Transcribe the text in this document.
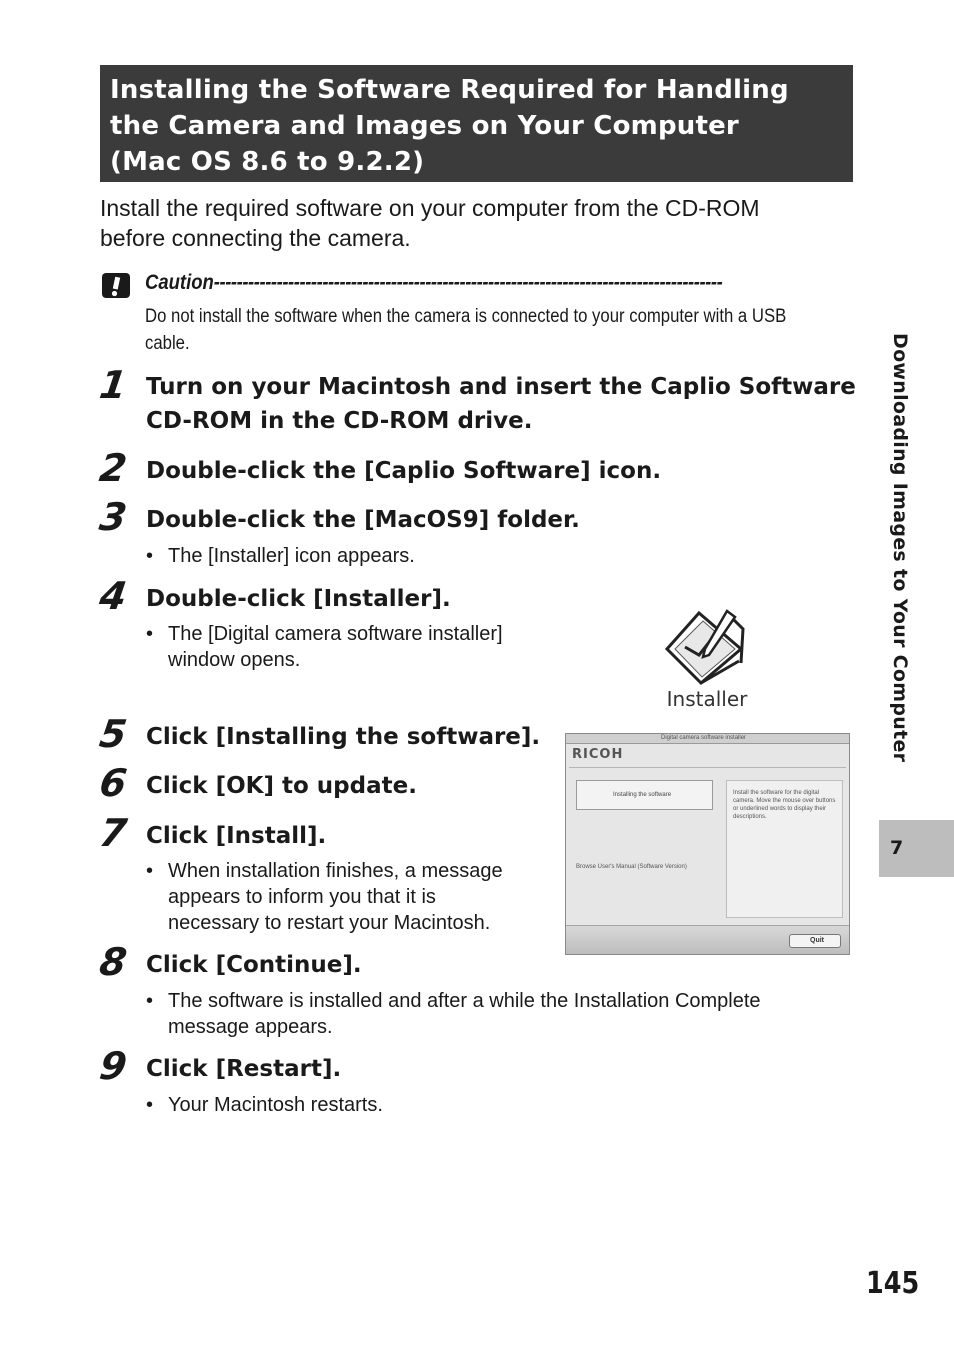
Installing the Software Required for Handling
the Camera and Images on Your Computer
(Mac OS 8.6 to 9.2.2)
Install the required software on your computer from the CD-ROM
before connecting the camera.
Caution-----------------------------------------------------------------------------------------
Do not install the software when the camera is connected to your computer with a USB
cable.
1 Turn on your Macintosh and insert the Caplio Software
CD-ROM in the CD-ROM drive.
2 Double-click the [Caplio Software] icon.
3 Double-click the [MacOS9] folder.
• The [Installer] icon appears.
4 Double-click [Installer].
• The [Digital camera software installer]
window opens.
Installer
5 Click [Installing the software].
6 Click [OK] to update.
7 Click [Install].
• When installation finishes, a message
appears to inform you that it is
necessary to restart your Macintosh.
Digital camera software installer
RICOH
Installing the software
Browse User's Manual (Software Version)
Install the software for the digital camera. Move the mouse over buttons or underlined words to display their descriptions.
Quit
8 Click [Continue].
• The software is installed and after a while the Installation Complete
message appears.
9 Click [Restart].
• Your Macintosh restarts.
Downloading Images to Your Computer
7
145
